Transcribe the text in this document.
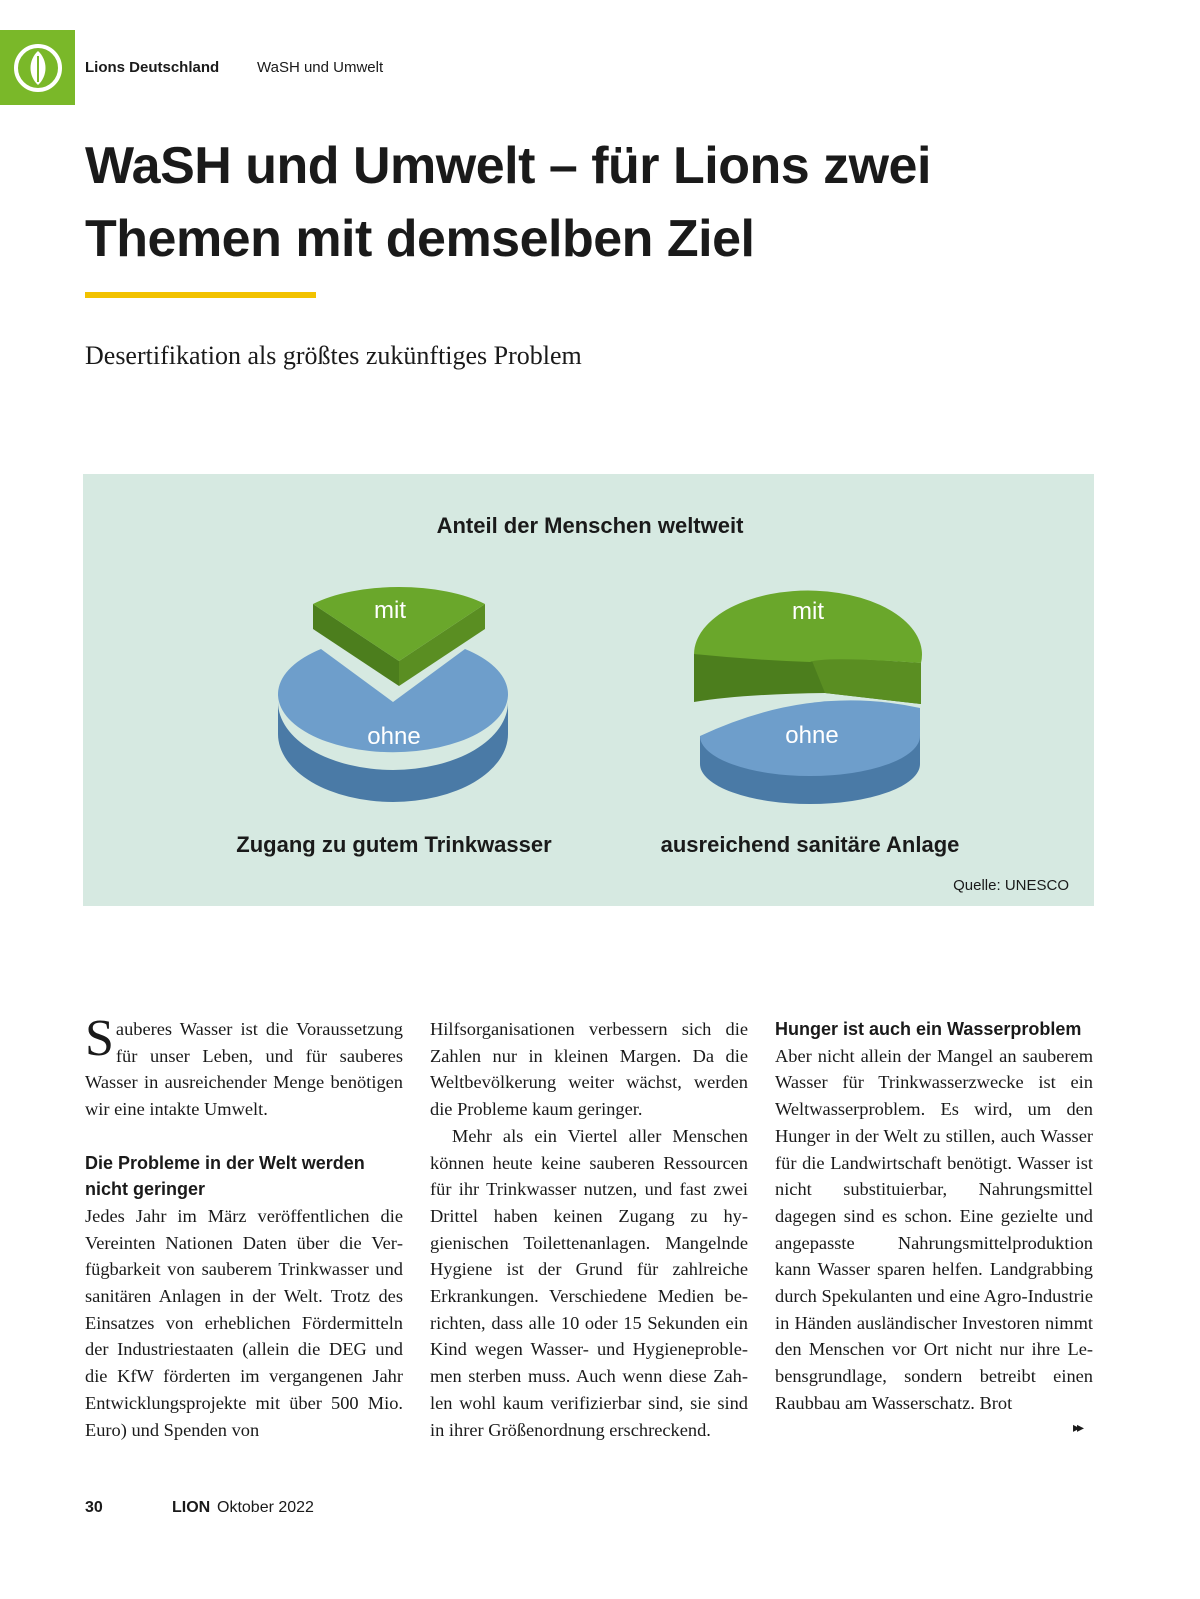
Lions Deutschland	WaSH und Umwelt
WaSH und Umwelt – für Lions zwei Themen mit demselben Ziel
Desertifikation als größtes zukünftiges Problem
Anteil der Menschen weltweit
mit
ohne
mit
ohne
Zugang zu gutem Trinkwasser	ausreichend sanitäre Anlage
Quelle: UNESCO

Sauberes Wasser ist die Voraussetzung für unser Leben, und für sauberes Wasser in ausreichender Menge benötigen wir eine intakte Umwelt.

Die Probleme in der Welt werden nicht geringer

Jedes Jahr im März veröffentlichen die Vereinten Nationen Daten über die Verfügbarkeit von sauberem Trinkwasser und sanitären Anlagen in der Welt. Trotz des Einsatzes von erheblichen Fördermitteln der Industriestaaten (allein die DEG und die KfW förderten im vergangenen Jahr Entwicklungsprojekte mit über 500 Mio. Euro) und Spenden von

Hilfsorganisationen verbessern sich die Zahlen nur in kleinen Margen. Da die Weltbevölkerung weiter wächst, werden die Probleme kaum geringer.

Mehr als ein Viertel aller Menschen können heute keine sauberen Ressourcen für ihr Trinkwasser nutzen, und fast zwei Drittel haben keinen Zugang zu hygienischen Toilettenanlagen. Mangelnde Hygiene ist der Grund für zahlreiche Erkrankungen. Verschiedene Medien berichten, dass alle 10 oder 15 Sekunden ein Kind wegen Wasser- und Hygieneproblemen sterben muss. Auch wenn diese Zahlen wohl kaum verifizierbar sind, sie sind in ihrer Größenordnung erschreckend.

Hunger ist auch ein Wasserproblem

Aber nicht allein der Mangel an sauberem Wasser für Trinkwasserzwecke ist ein Weltwasserproblem. Es wird, um den Hunger in der Welt zu stillen, auch Wasser für die Landwirtschaft benötigt. Wasser ist nicht substituierbar, Nahrungsmittel dagegen sind es schon. Eine gezielte und angepasste Nahrungsmittelproduktion kann Wasser sparen helfen. Landgrabbing durch Spekulanten und eine Agro-Industrie in Händen ausländischer Investoren nimmt den Menschen vor Ort nicht nur ihre Lebensgrundlage, sondern betreibt einen Raubbau am Wasserschatz. Brot

▸▸
30	LION Oktober 2022
